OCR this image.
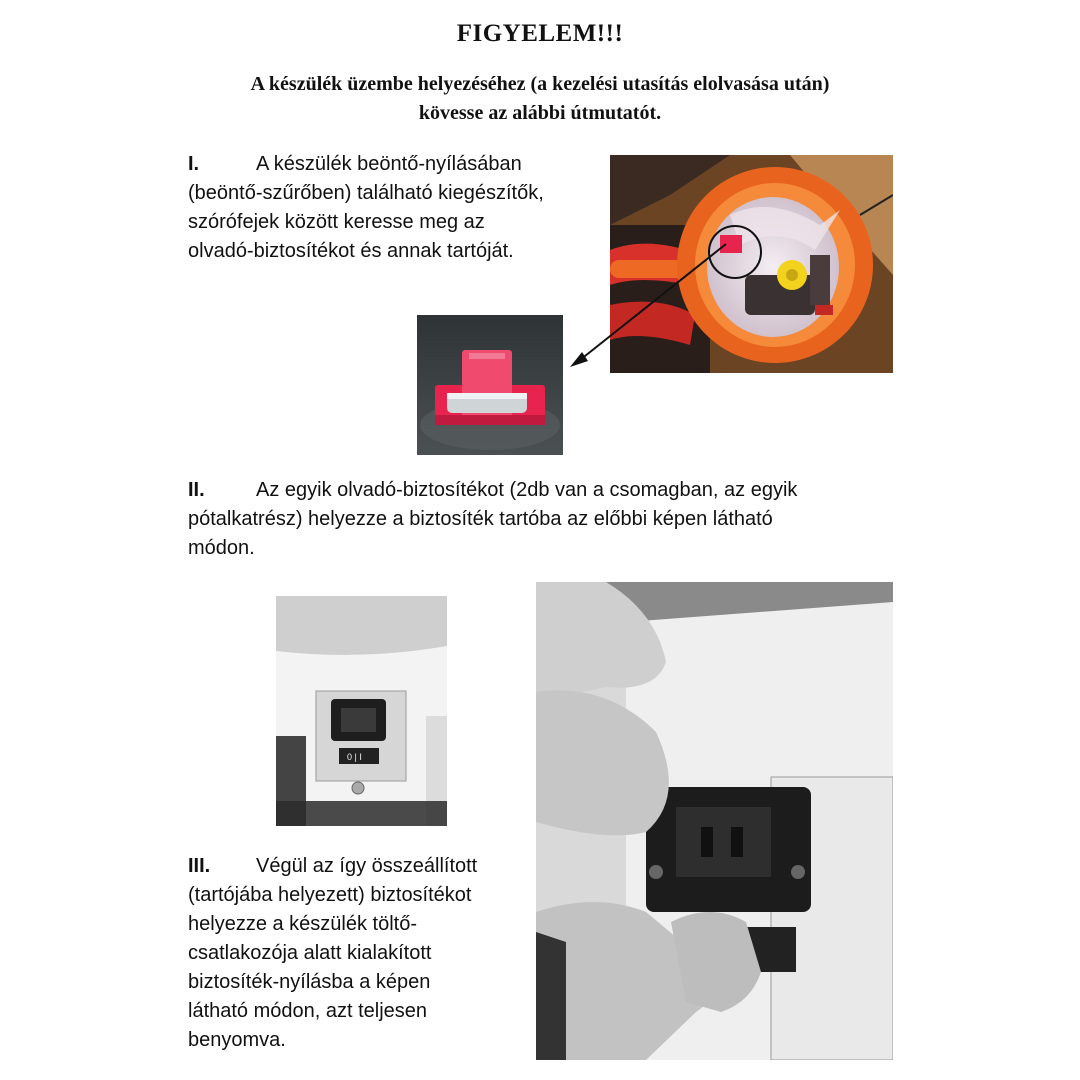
FIGYELEM!!!
A készülék üzembe helyezéséhez (a kezelési utasítás elolvasása után)
kövesse az alábbi útmutatót.
I.	A készülék beöntő-nyílásában
(beöntő-szűrőben) található kiegészítők,
szórófejek között keresse meg az
olvadó-biztosítékot és annak tartóját.
II.	Az egyik olvadó-biztosítékot (2db van a csomagban, az egyik
pótalkatrész) helyezze a biztosíték tartóba az előbbi képen látható
módon.
0 | I
III. Végül az így összeállított
(tartójába helyezett) biztosítékot
helyezze a készülék töltő-
csatlakozója alatt kialakított
biztosíték-nyílásba a képen
látható módon, azt teljesen
benyomva.
